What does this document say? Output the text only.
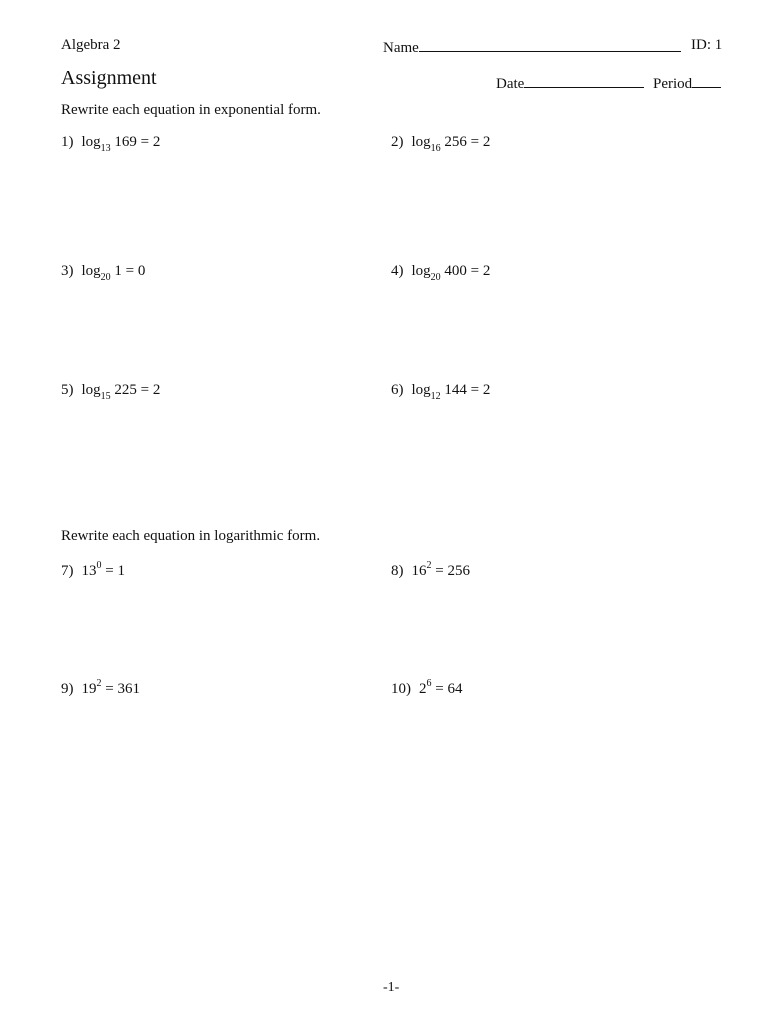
Algebra 2	Name	ID: 1
Assignment	Date	Period
Rewrite each equation in exponential form.
1) $\log_{13} 169 = 2$	2) $\log_{16} 256 = 2$
3) $\log_{20} 1 = 0$	4) $\log_{20} 400 = 2$
5) $\log_{15} 225 = 2$	6) $\log_{12} 144 = 2$
Rewrite each equation in logarithmic form.
7) $13^0 = 1$	8) $16^2 = 256$
9) $19^2 = 361$	10) $2^6 = 64$
-1-
